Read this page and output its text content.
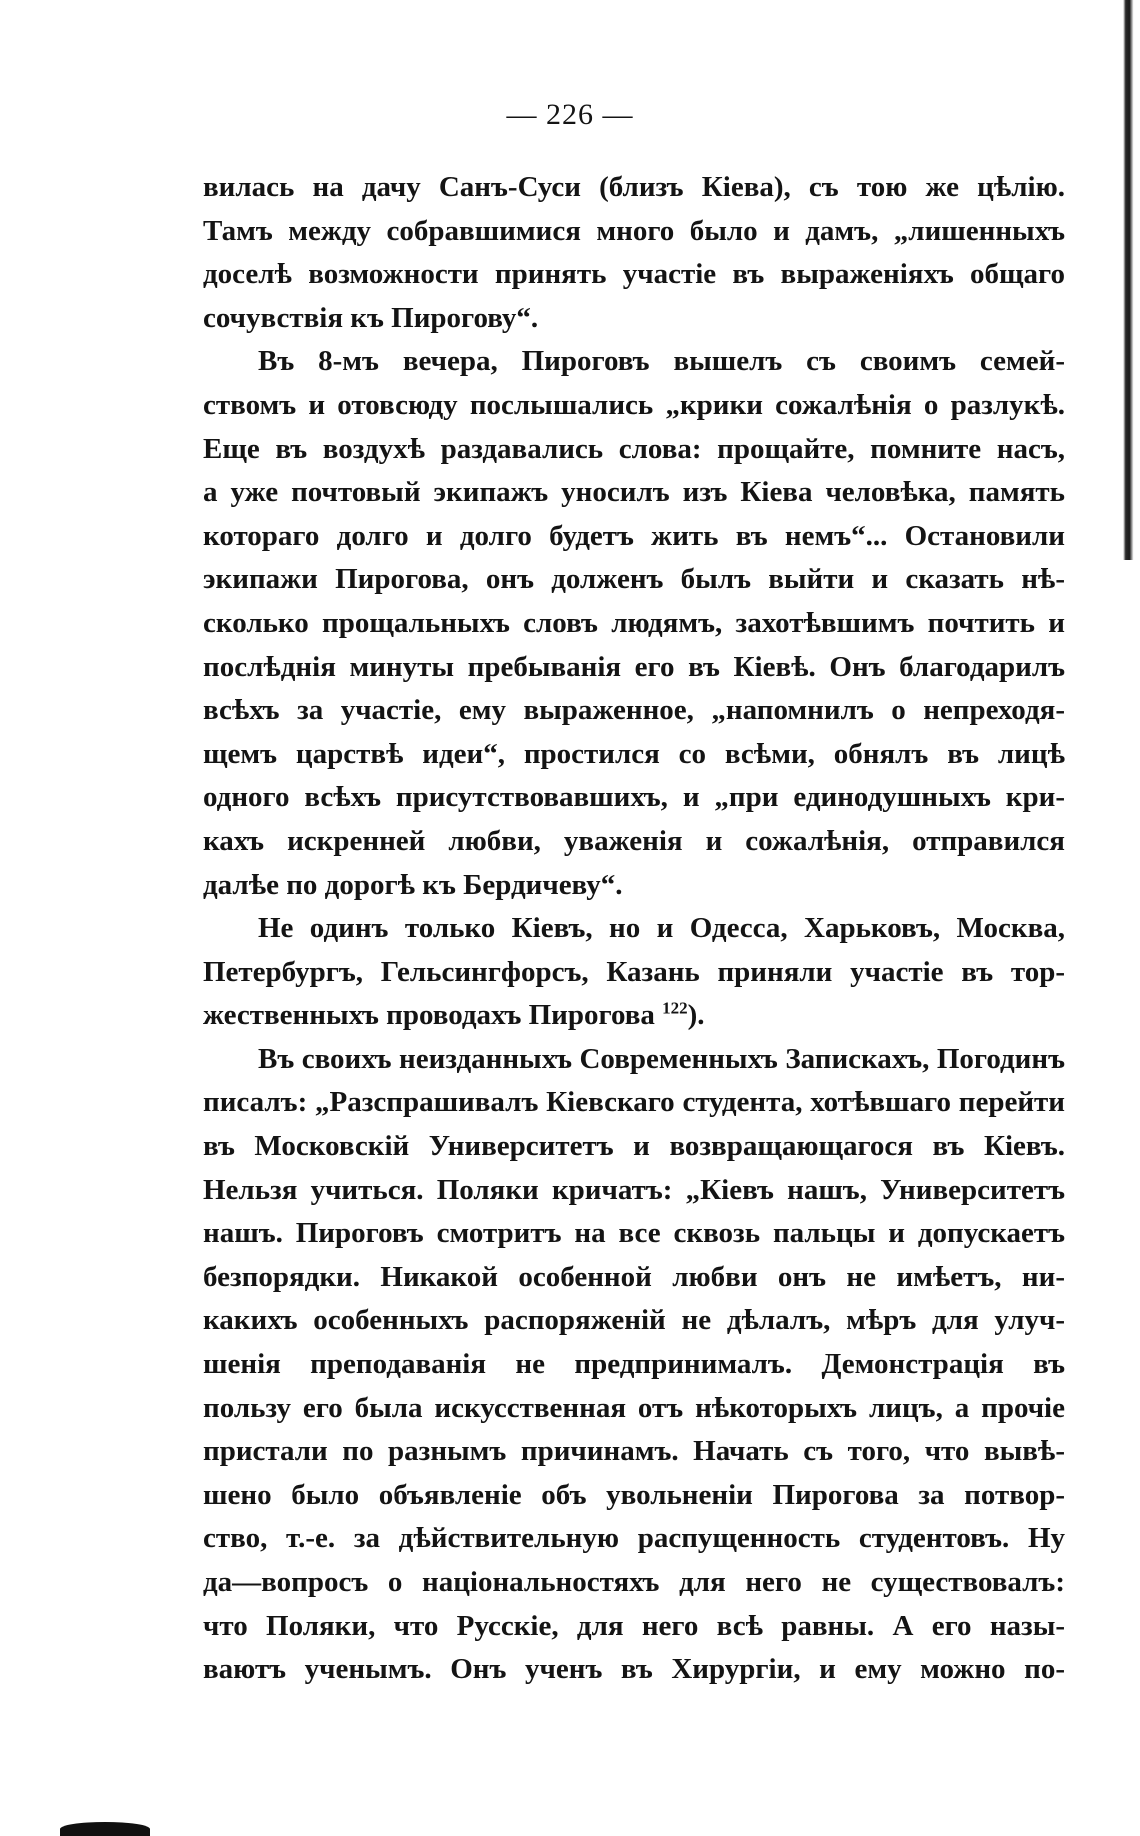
— 226 —
вилась на дачу Санъ-Суси (близъ Кіева), съ тою же цѣлію.
Тамъ между собравшимися много было и дамъ, „лишенныхъ
доселѣ возможности принять участіе въ выраженіяхъ общаго
сочувствія къ Пирогову“.
Въ 8-мъ вечера, Пироговъ вышелъ съ своимъ семей-
ствомъ и отовсюду послышались „крики сожалѣнія о разлукѣ.
Еще въ воздухѣ раздавались слова: прощайте, помните насъ,
а уже почтовый экипажъ уносилъ изъ Кіева человѣка, память
котораго долго и долго будетъ жить въ немъ“... Остановили
экипажи Пирогова, онъ долженъ былъ выйти и сказать нѣ-
сколько прощальныхъ словъ людямъ, захотѣвшимъ почтить и
послѣднія минуты пребыванія его въ Кіевѣ. Онъ благодарилъ
всѣхъ за участіе, ему выраженное, „напомнилъ о непреходя-
щемъ царствѣ идеи“, простился со всѣми, обнялъ въ лицѣ
одного всѣхъ присутствовавшихъ, и „при единодушныхъ кри-
кахъ искренней любви, уваженія и сожалѣнія, отправился
далѣе по дорогѣ къ Бердичеву“.
Не одинъ только Кіевъ, но и Одесса, Харьковъ, Москва,
Петербургъ, Гельсингфорсъ, Казань приняли участіе въ тор-
жественныхъ проводахъ Пирогова $^{122}$).
Въ своихъ неизданныхъ Современныхъ Запискахъ, Погодинъ
писалъ: „Разспрашивалъ Кіевскаго студента, хотѣвшаго перейти
въ Московскій Университетъ и возвращающагося въ Кіевъ.
Нельзя учиться. Поляки кричатъ: „Кіевъ нашъ, Университетъ
нашъ. Пироговъ смотритъ на все сквозь пальцы и допускаетъ
безпорядки. Никакой особенной любви онъ не имѣетъ, ни-
какихъ особенныхъ распоряженій не дѣлалъ, мѣръ для улуч-
шенія преподаванія не предпринималъ. Демонстрація въ
пользу его была искусственная отъ нѣкоторыхъ лицъ, а прочіе
пристали по разнымъ причинамъ. Начать съ того, что вывѣ-
шено было объявленіе объ увольненіи Пирогова за потвор-
ство, т.-е. за дѣйствительную распущенность студентовъ. Ну
да—вопросъ о національностяхъ для него не существовалъ:
что Поляки, что Русскіе, для него всѣ равны. А его назы-
ваютъ ученымъ. Онъ ученъ въ Хирургіи, и ему можно по-
